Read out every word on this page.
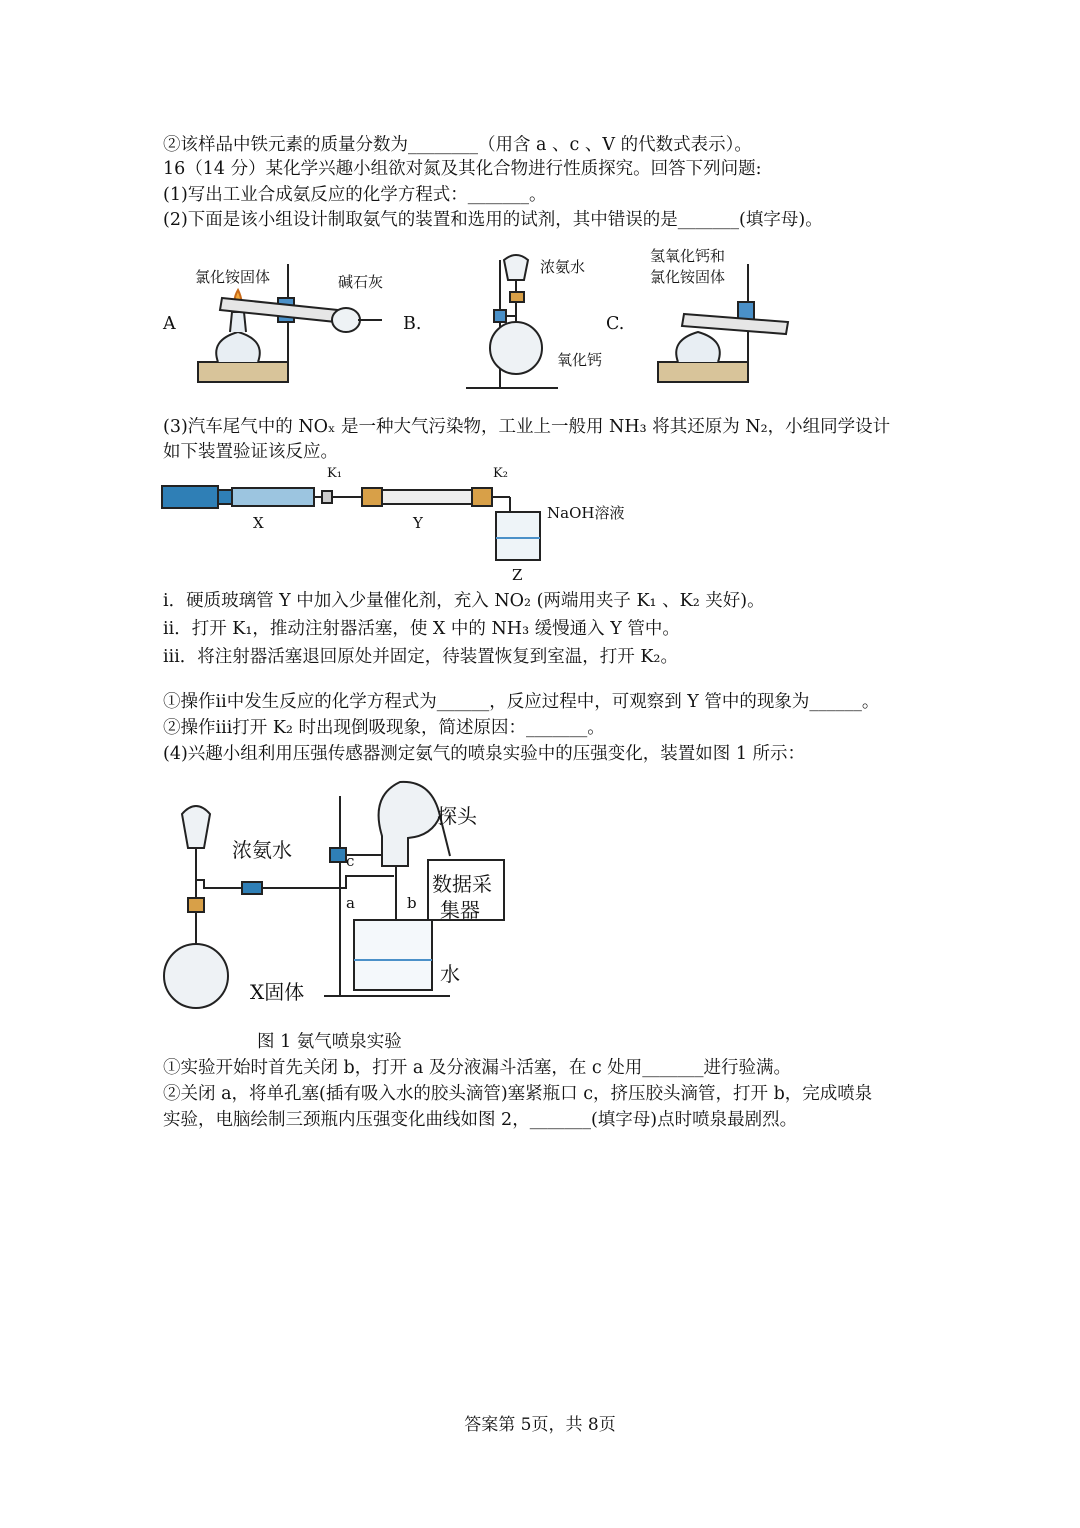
②该样品中铁元素的质量分数为________（用含 a 、c 、V 的代数式表示）。
16（14 分）某化学兴趣小组欲对氮及其化合物进行性质探究。回答下列问题:
(1)写出工业合成氨反应的化学方程式：_______。
(2)下面是该小组设计制取氨气的装置和选用的试剂，其中错误的是_______(填字母)。
A
氯化铵固体	碱石灰
B.
浓氨水
氧化钙
C.
氢氧化钙和
氯化铵固体
(3)汽车尾气中的 NOₓ 是一种大气污染物，工业上一般用 NH₃ 将其还原为 N₂，小组同学设计
如下装置验证该反应。
K₁	K₂
X	Y
Z
NaOH溶液
ⅰ．硬质玻璃管 Y 中加入少量催化剂，充入 NO₂ (两端用夹子 K₁ 、K₂ 夹好)。
ⅱ．打开 K₁，推动注射器活塞，使 X 中的 NH₃ 缓慢通入 Y 管中。
ⅲ．将注射器活塞退回原处并固定，待装置恢复到室温，打开 K₂。
①操作ⅱ中发生反应的化学方程式为______，反应过程中，可观察到 Y 管中的现象为______。
②操作ⅲ打开 K₂ 时出现倒吸现象，简述原因：_______。
(4)兴趣小组利用压强传感器测定氨气的喷泉实验中的压强变化，装置如图 1 所示：
浓氨水
探头
数据采
集器
c
a	b
水
X固体
图 1 氨气喷泉实验
①实验开始时首先关闭 b，打开 a 及分液漏斗活塞，在 c 处用_______进行验满。
②关闭 a，将单孔塞(插有吸入水的胶头滴管)塞紧瓶口 c，挤压胶头滴管，打开 b，完成喷泉
实验，电脑绘制三颈瓶内压强变化曲线如图 2，_______(填字母)点时喷泉最剧烈。
答案第 5页，共 8页
